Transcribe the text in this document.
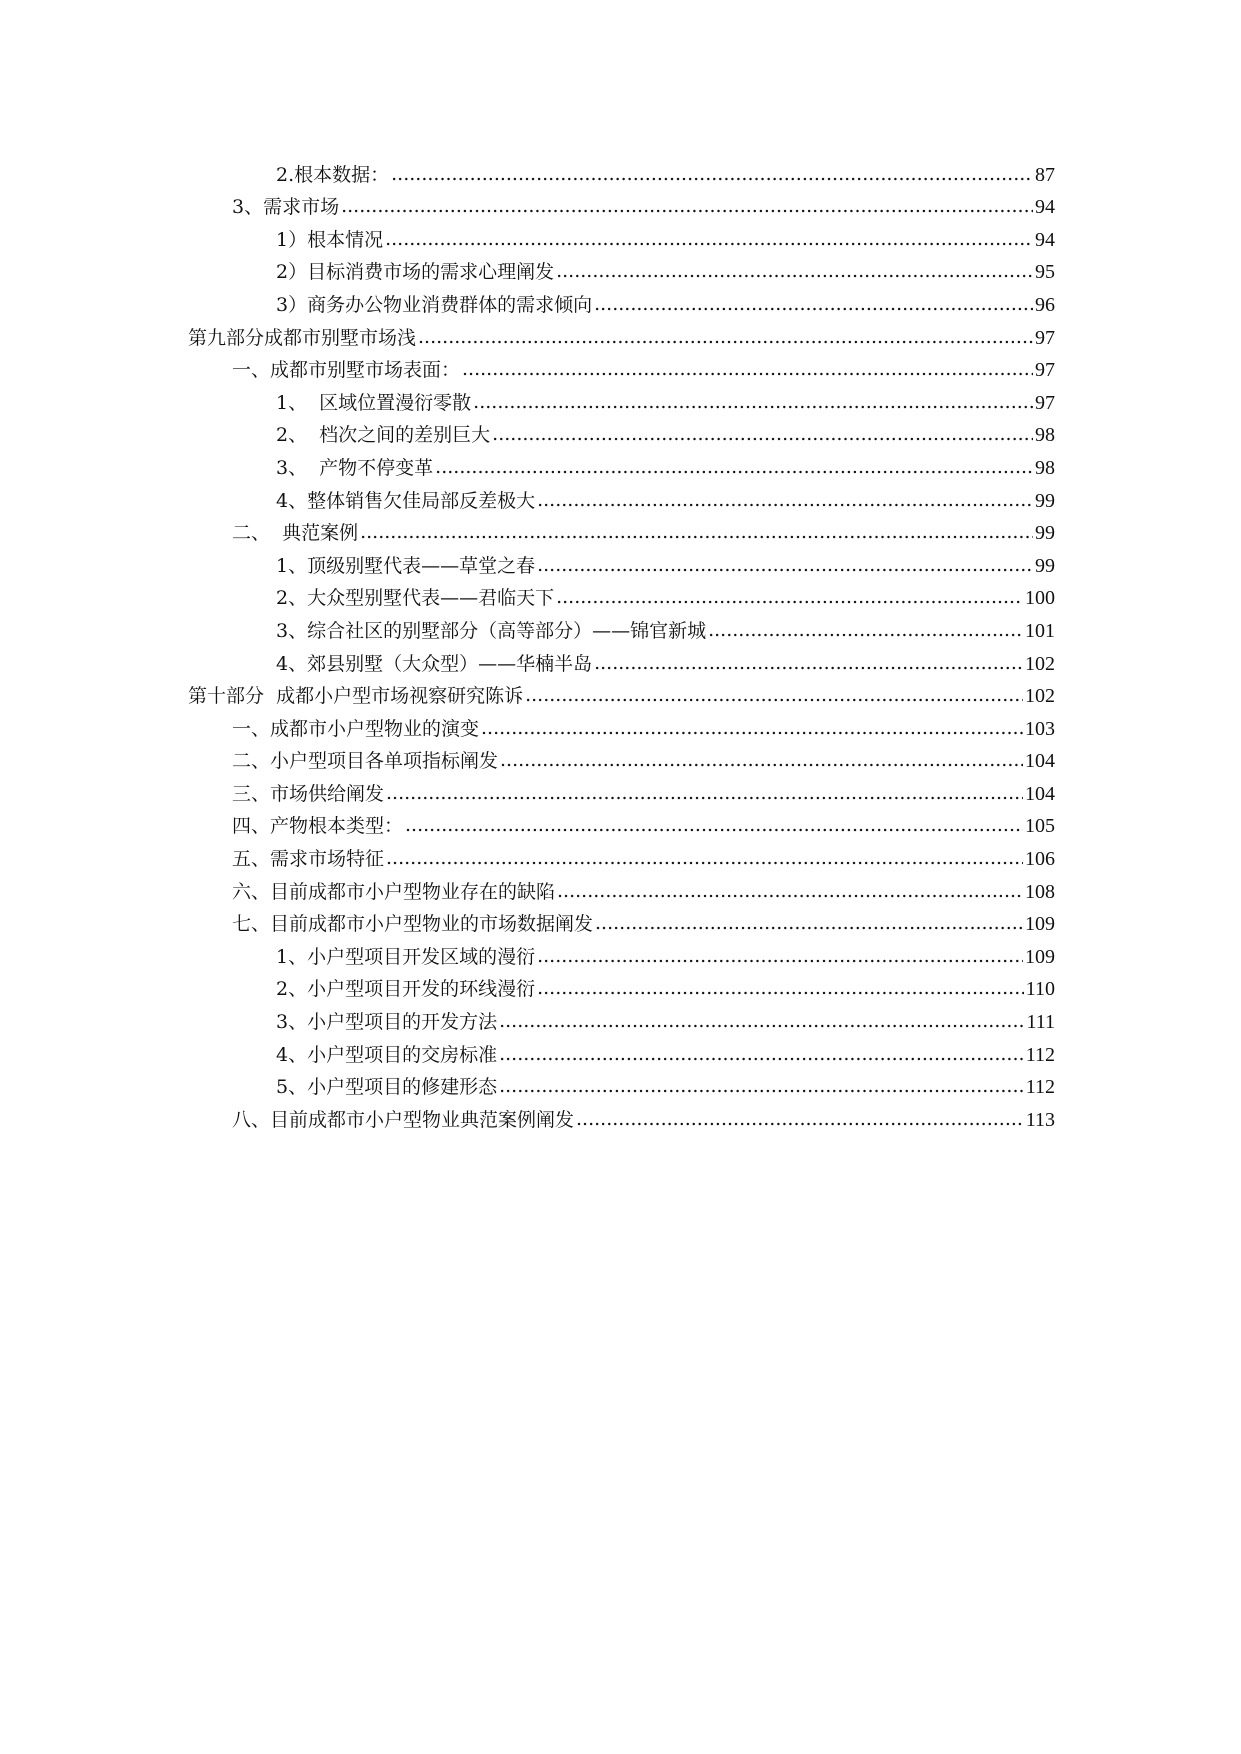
2.根本数据： .....	87
3、需求市场 .....	94
1）根本情况 .....	94
2）目标消费市场的需求心理阐发 .....	95
3）商务办公物业消费群体的需求倾向 .....	96
第九部分成都市别墅市场浅 .....	97
一、成都市别墅市场表面： .....	97
1、  区域位置漫衍零散 .....	97
2、  档次之间的差别巨大 .....	98
3、  产物不停变革 .....	98
4、整体销售欠佳局部反差极大 .....	99
二、  典范案例 .....	99
1、顶级别墅代表——草堂之春 .....	99
2、大众型别墅代表——君临天下 .....	100
3、综合社区的别墅部分（高等部分）——锦官新城 .....	101
4、郊县别墅（大众型）——华楠半岛 .....	102
第十部分  成都小户型市场视察研究陈诉 .....	102
一、成都市小户型物业的演变 .....	103
二、小户型项目各单项指标阐发 .....	104
三、市场供给阐发 .....	104
四、产物根本类型： .....	105
五、需求市场特征 .....	106
六、目前成都市小户型物业存在的缺陷 .....	108
七、目前成都市小户型物业的市场数据阐发 .....	109
1、小户型项目开发区域的漫衍 .....	109
2、小户型项目开发的环线漫衍 .....	110
3、小户型项目的开发方法 .....	111
4、小户型项目的交房标准 .....	112
5、小户型项目的修建形态 .....	112
八、目前成都市小户型物业典范案例阐发 .....	113
